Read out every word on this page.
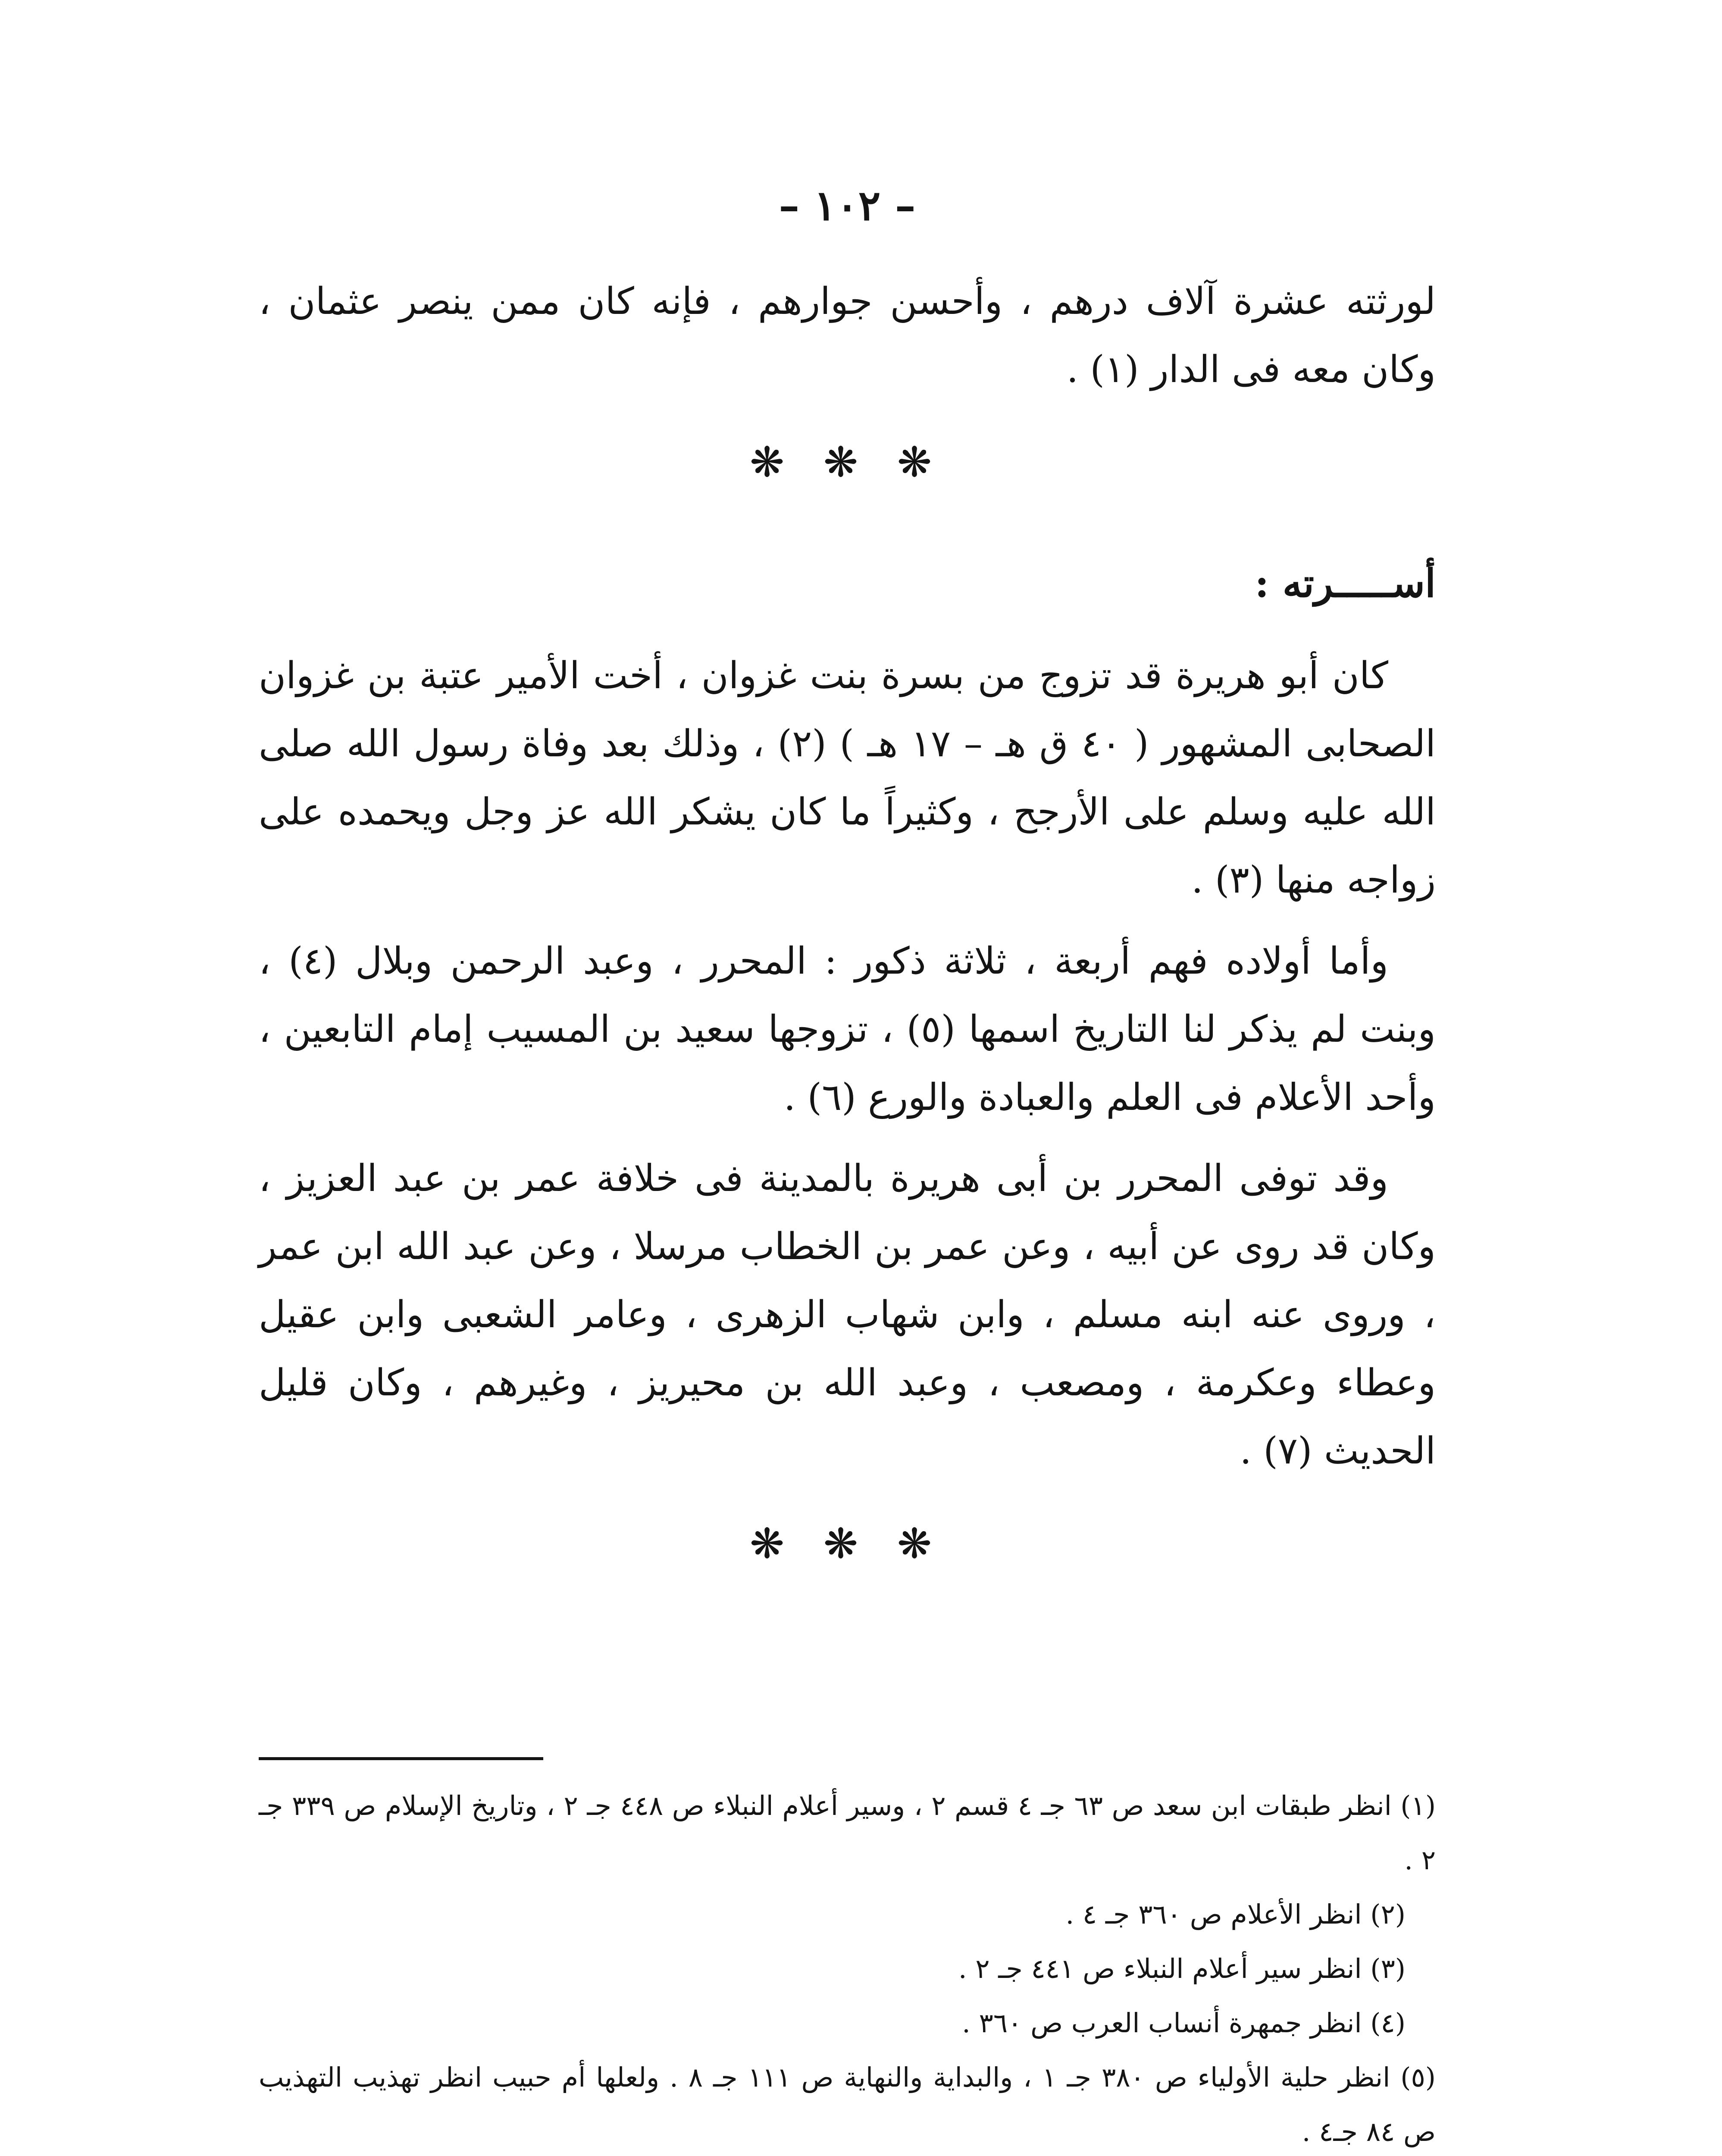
– ١٠٢ –

لورثته عشرة آلاف درهم ، وأحسن جوارهم ، فإنه كان ممن ينصر عثمان ، وكان معه فى الدار (١) .

❋ ❋ ❋
أســـــرته :

كان أبو هريرة قد تزوج من بسرة بنت غزوان ، أخت الأمير عتبة بن غزوان الصحابى المشهور ( ٤٠ ق هـ – ١٧ هـ ) (٢) ، وذلك بعد وفاة رسول الله صلى الله عليه وسلم على الأرجح ، وكثيراً ما كان يشكر الله عز وجل ويحمده على زواجه منها (٣) .

وأما أولاده فهم أربعة ، ثلاثة ذكور : المحرر ، وعبد الرحمن وبلال (٤) ، وبنت لم يذكر لنا التاريخ اسمها (٥) ، تزوجها سعيد بن المسيب إمام التابعين ، وأحد الأعلام فى العلم والعبادة والورع (٦) .

وقد توفى المحرر بن أبى هريرة بالمدينة فى خلافة عمر بن عبد العزيز ، وكان قد روى عن أبيه ، وعن عمر بن الخطاب مرسلا ، وعن عبد الله ابن عمر ، وروى عنه ابنه مسلم ، وابن شهاب الزهرى ، وعامر الشعبى وابن عقيل وعطاء وعكرمة ، ومصعب ، وعبد الله بن محيريز ، وغيرهم ، وكان قليل الحديث (٧) .

❋ ❋ ❋

(١) انظر طبقات ابن سعد ص ٦٣ جـ ٤ قسم ٢ ، وسير أعلام النبلاء ص ٤٤٨ جـ ٢ ، وتاريخ الإسلام ص ٣٣٩ جـ ٢ .

(٢) انظر الأعلام ص ٣٦٠ جـ ٤ .

(٣) انظر سير أعلام النبلاء ص ٤٤١ جـ ٢ .

(٤) انظر جمهرة أنساب العرب ص ٣٦٠ .

(٥) انظر حلية الأولياء ص ٣٨٠ جـ ١ ، والبداية والنهاية ص ١١١ جـ ٨ . ولعلها أم حبيب انظر تهذيب التهذيب ص ٨٤ جـ٤ .
